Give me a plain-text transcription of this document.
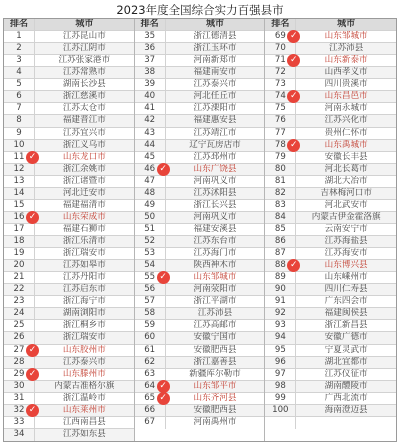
2023年度全国综合实力百强县市
排名	城市
1	江苏昆山市
2	江苏江阴市
3	江苏张家港市
4	江苏常熟市
5	湖南长沙县
6	浙江慈溪市
7	江苏太仓市
8	福建晋江市
9	江苏宜兴市
10	浙江义乌市
11	山东龙口市
✓
12	浙江余姚市
13	浙江诸暨市
14	河北迁安市
15	福建福清市
16	山东荣成市
✓
17	福建石狮市
18	浙江乐清市
19	浙江瑞安市
20	江苏如皋市
21	江苏丹阳市
22	江苏启东市
23	浙江海宁市
24	湖南浏阳市
25	浙江桐乡市
26	浙江瑞安市
27	山东胶州市
✓
28	江苏泰兴市
29	山东滕州市
✓
30	内蒙古准格尔旗
31	浙江温岭市
32	山东莱州市
✓
33	江西南昌县
34	江苏如东县
排名	城市
35	浙江德清县
36	浙江玉环市
37	河南新郑市
38	福建南安市
39	江苏泰兴市
40	河北任丘市
41	江苏溧阳市
42	福建惠安县
43	江苏靖江市
44	辽宁瓦房店市
45	江苏邳州市
46	山东广饶县
✓
47	河南巩义市
48	江苏沭阳县
49	浙江长兴县
50	河南巩义市
51	福建安溪县
52	江苏东台市
53	江苏海门市
54	陕西神木市
55	山东邹城市
✓
56	河南荥阳市
57	浙江平湖市
58	江苏沛县
59	江苏高邮市
60	安徽宁国市
61	安徽肥西县
62	浙江嘉善县
63	新疆库尔勒市
64	山东邹平市
✓
65	山东齐河县
✓
66	安徽肥西县
67	河南禹州市
排名	城市
69	山东邹城市
✓
70	江苏沛县
71	山东新泰市
✓
72	山西孝义市
73	四川贵溪市
74	山东昌邑市
✓
75	河南永城市
76	江苏兴化市
77	贵州仁怀市
78	山东禹城市
✓
79	安徽长丰县
80	河北长葛市
81	湖北大冶市
82	吉林梅河口市
83	河北武安市
84	内蒙古伊金霍洛旗
85	云南安宁市
86	江苏海盐县
87	江苏海安市
88	山东博兴县
✓
89	山东嵊州市
90	四川仁寿县
91	广东四会市
92	福建闽侯县
93	浙江新昌县
94	安徽广德市
95	宁夏灵武市
96	湖北宜都市
97	江苏仪征市
98	湖南醴陵市
99	广西北流市
100	海南澄迈县
